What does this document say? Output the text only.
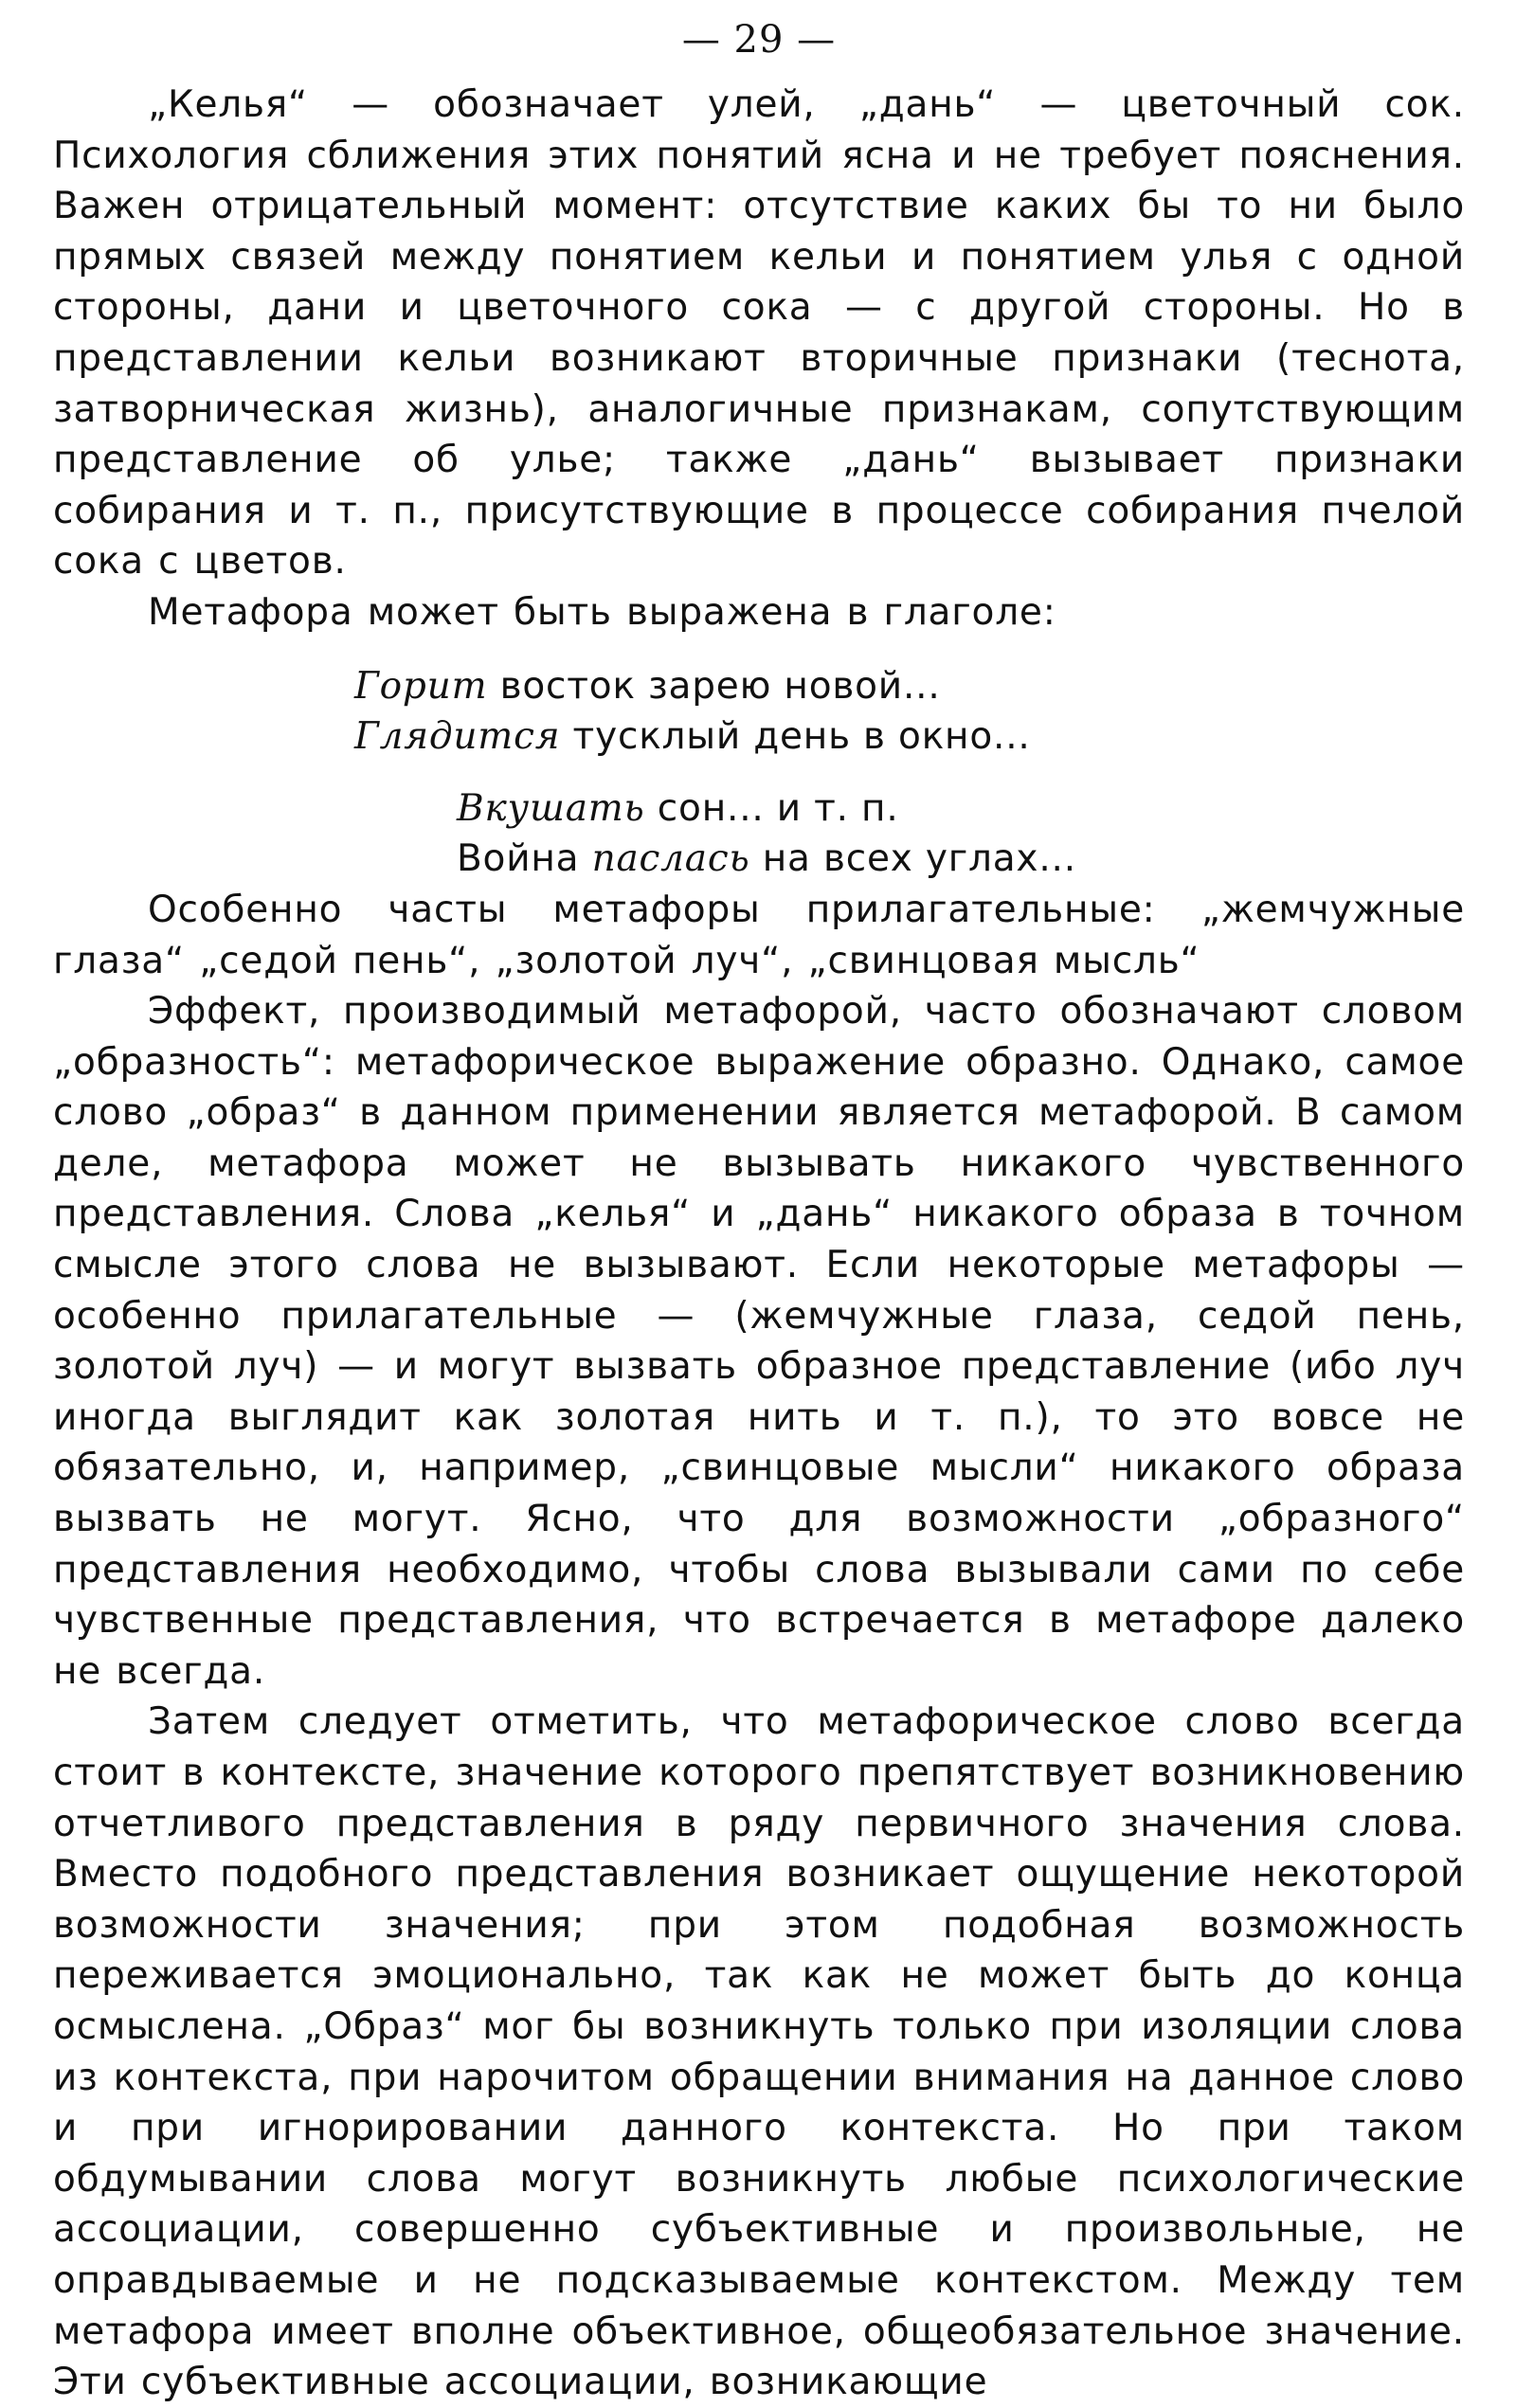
— 29 —

„Келья“ — обозначает улей, „дань“ — цветочный сок. Психология сближения этих понятий ясна и не требует пояснения. Важен отрицательный момент: отсутствие каких бы то ни было прямых связей между понятием кельи и понятием улья с одной стороны, дани и цветочного сока — с другой стороны. Но в представлении кельи возникают вторичные признаки (теснота, затворническая жизнь), аналогичные признакам, сопутствующим представление об улье; также „дань“ вызывает признаки собирания и т. п., присутствующие в процессе собирания пчелой сока с цветов.

Метафора может быть выражена в глаголе:

Горит восток зарею новой...
Глядится тусклый день в окно...
Вкушать сон... и т. п.
Война паслась на всех углах...

Особенно часты метафоры прилагательные: „жемчужные глаза“ „седой пень“, „золотой луч“, „свинцовая мысль“

Эффект, производимый метафорой, часто обозначают словом „образность“: метафорическое выражение образно. Однако, самое слово „образ“ в данном применении является метафорой. В самом деле, метафора может не вызывать никакого чувственного представления. Слова „келья“ и „дань“ никакого образа в точном смысле этого слова не вызывают. Если некоторые метафоры — особенно прилагательные — (жемчужные глаза, седой пень, золотой луч) — и могут вызвать образное представление (ибо луч иногда выглядит как золотая нить и т. п.), то это вовсе не обязательно, и, например, „свинцовые мысли“ никакого образа вызвать не могут. Ясно, что для возможности „образного“ представления необходимо, чтобы слова вызывали сами по себе чувственные представления, что встречается в метафоре далеко не всегда.

Затем следует отметить, что метафорическое слово всегда стоит в контексте, значение которого препятствует возникновению отчетливого представления в ряду первичного значения слова. Вместо подобного представления возникает ощущение некоторой возможности значения; при этом подобная возможность переживается эмоционально, так как не может быть до конца осмыслена. „Образ“ мог бы возникнуть только при изоляции слова из контекста, при нарочитом обращении внимания на данное слово и при игнорировании данного контекста. Но при таком обдумывании слова могут возникнуть любые психологические ассоциации, совершенно субъективные и произвольные, не оправдываемые и не подсказываемые контекстом. Между тем метафора имеет вполне объективное, общеобязательное значение. Эти субъективные ассоциации, возникающие
